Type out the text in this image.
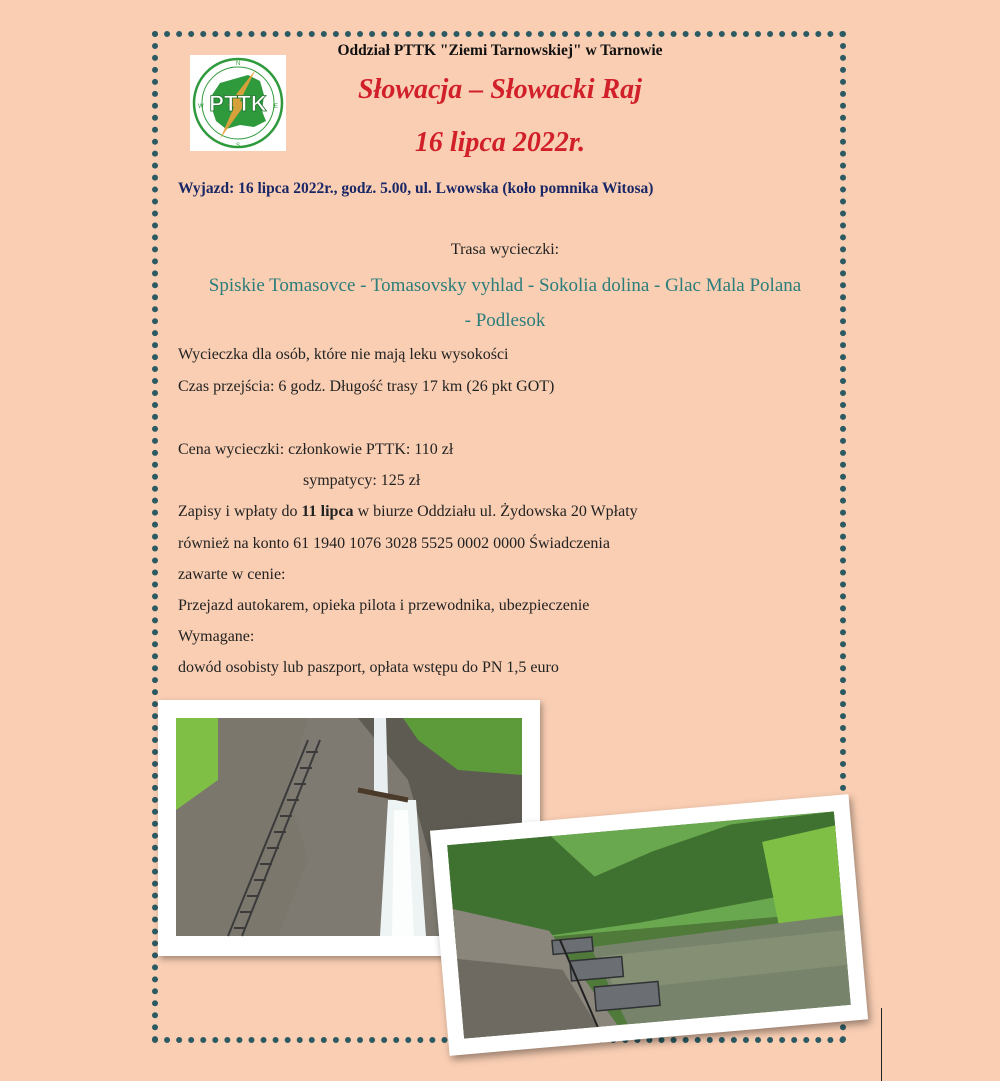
W	E
N
S
PTTK
Oddział PTTK "Ziemi Tarnowskiej" w Tarnowie
Słowacja – Słowacki Raj
16 lipca 2022r.
Wyjazd: 16 lipca 2022r., godz. 5.00, ul. Lwowska (koło pomnika Witosa)
Trasa wycieczki:
Spiskie Tomasovce - Tomasovsky vyhlad - Sokolia dolina - Glac Mala Polana
- Podlesok
Wycieczka dla osób, które nie mają leku wysokości
Czas przejścia: 6 godz. Długość trasy 17 km (26 pkt GOT)
Cena wycieczki: członkowie PTTK: 110 zł
sympatycy: 125 zł
Zapisy i wpłaty do 11 lipca w biurze Oddziału ul. Żydowska 20 Wpłaty
również na konto 61 1940 1076 3028 5525 0002 0000 Świadczenia
zawarte w cenie:
Przejazd autokarem, opieka pilota i przewodnika, ubezpieczenie
Wymagane:
dowód osobisty lub paszport, opłata wstępu do PN 1,5 euro
